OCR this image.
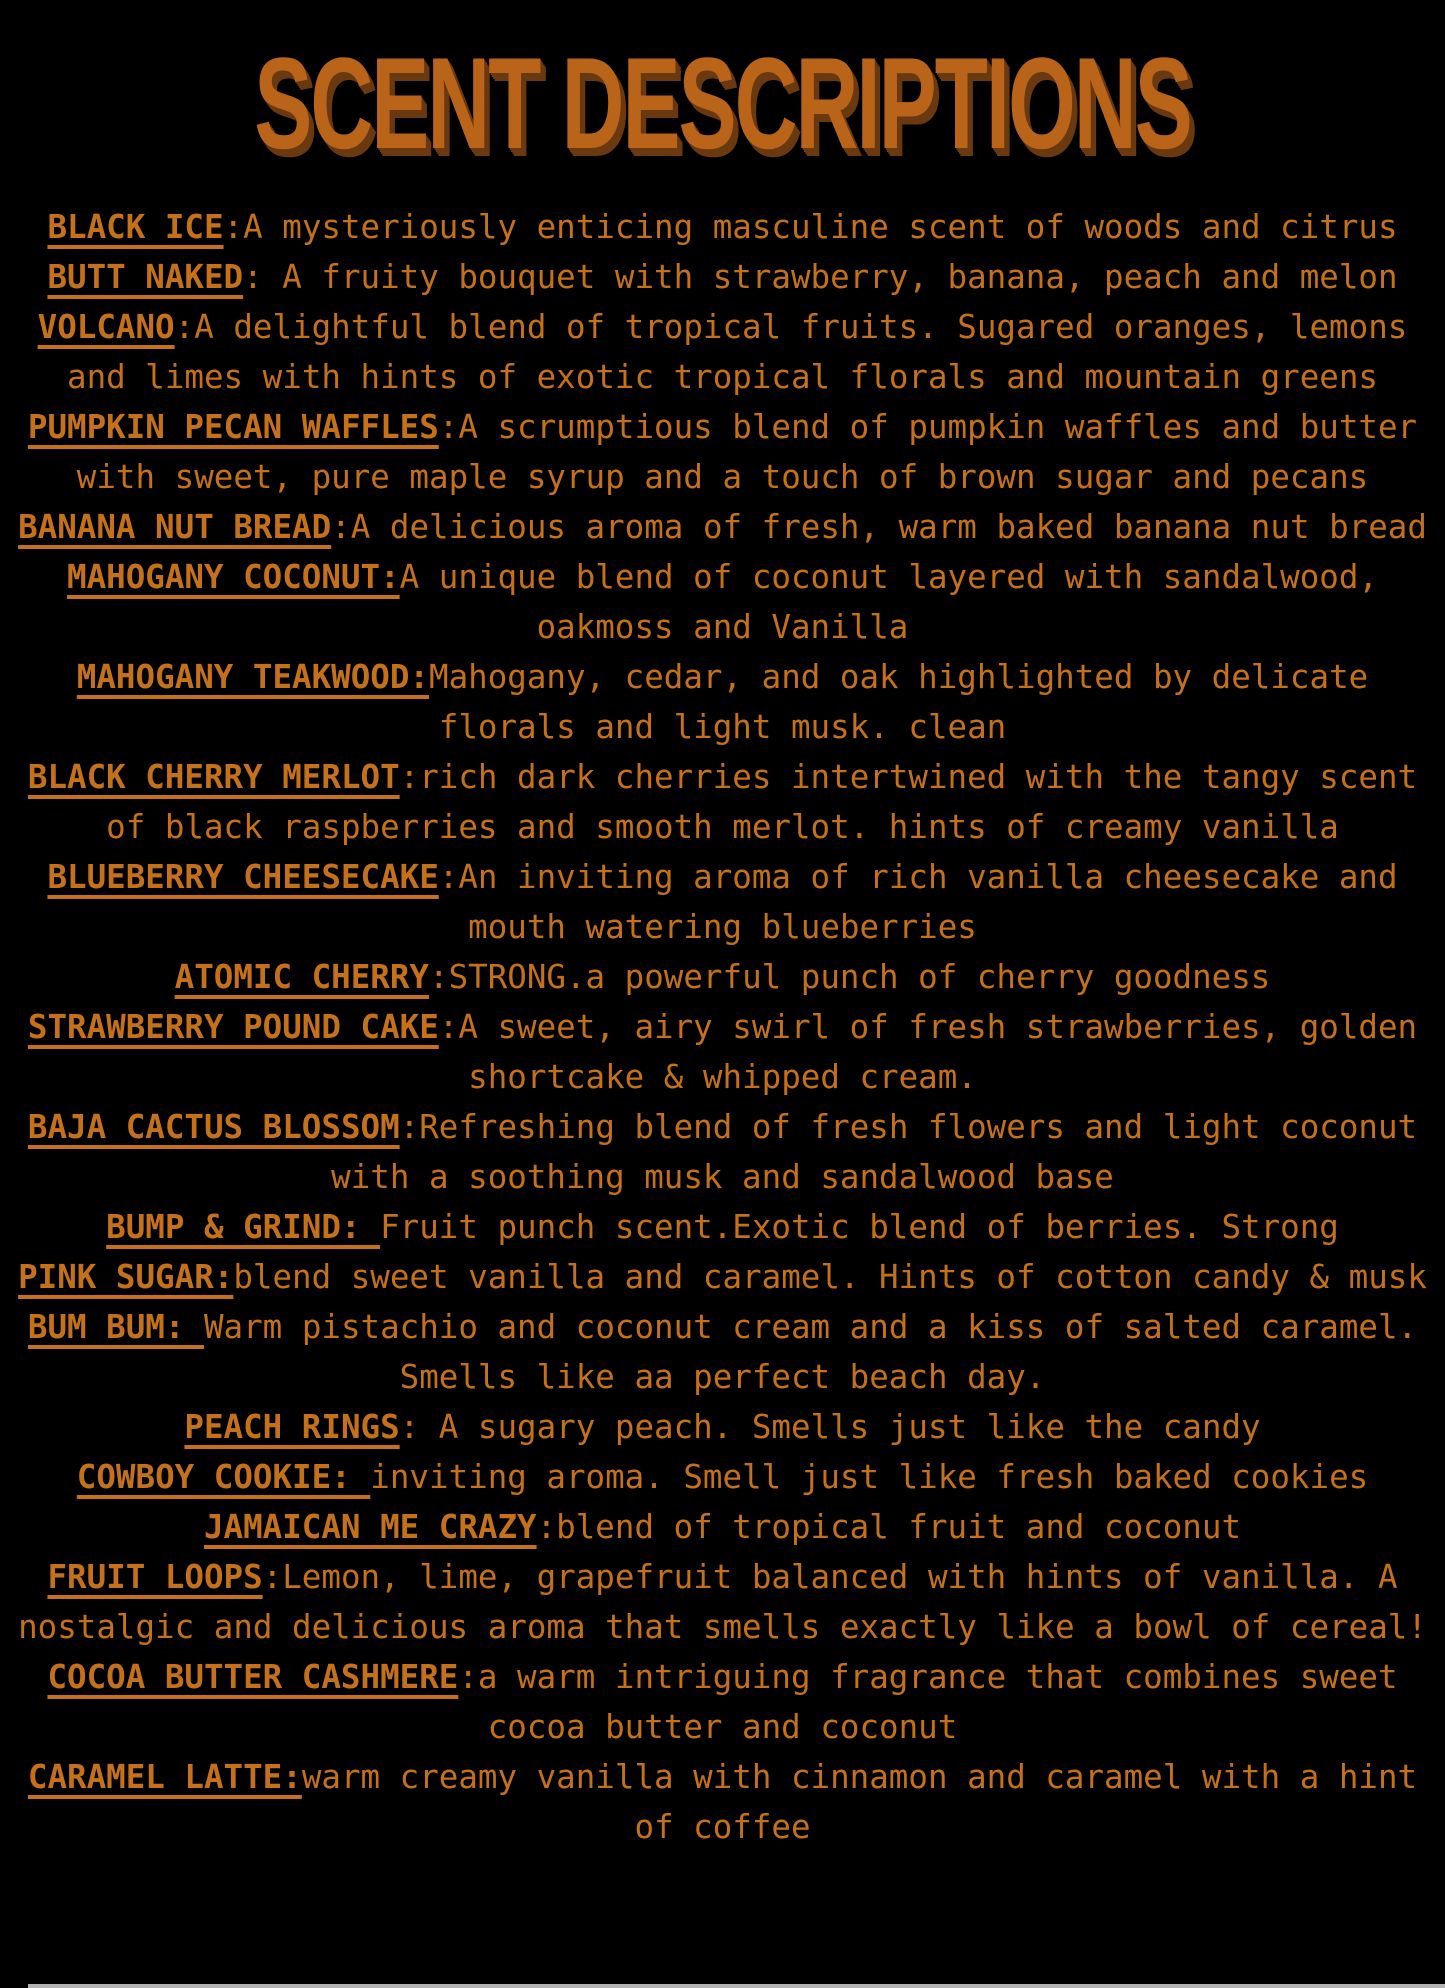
SCENT DESCRIPTIONS

BLACK ICE:A mysteriously enticing masculine scent of woods and citrus

BUTT NAKED: A fruity bouquet with strawberry, banana, peach and melon

VOLCANO:A delightful blend of tropical fruits. Sugared oranges, lemons and limes with hints of exotic tropical florals and mountain greens

PUMPKIN PECAN WAFFLES:A scrumptious blend of pumpkin waffles and butter with sweet, pure maple syrup and a touch of brown sugar and pecans

BANANA NUT BREAD:A delicious aroma of fresh, warm baked banana nut bread

MAHOGANY COCONUT:A unique blend of coconut layered with sandalwood, oakmoss and Vanilla

MAHOGANY TEAKWOOD:Mahogany, cedar, and oak highlighted by delicate florals and light musk. clean

BLACK CHERRY MERLOT:rich dark cherries intertwined with the tangy scent of black raspberries and smooth merlot. hints of creamy vanilla

BLUEBERRY CHEESECAKE:An inviting aroma of rich vanilla cheesecake and mouth watering blueberries

ATOMIC CHERRY:STRONG.a powerful punch of cherry goodness

STRAWBERRY POUND CAKE:A sweet, airy swirl of fresh strawberries, golden shortcake & whipped cream.

BAJA CACTUS BLOSSOM:Refreshing blend of fresh flowers and light coconut with a soothing musk and sandalwood base

BUMP & GRIND: Fruit punch scent.Exotic blend of berries. Strong

PINK SUGAR:blend sweet vanilla and caramel. Hints of cotton candy & musk

BUM BUM: Warm pistachio and coconut cream and a kiss of salted caramel. Smells like aa perfect beach day.

PEACH RINGS: A sugary peach. Smells just like the candy

COWBOY COOKIE: inviting aroma. Smell just like fresh baked cookies

JAMAICAN ME CRAZY:blend of tropical fruit and coconut

FRUIT LOOPS:Lemon, lime, grapefruit balanced with hints of vanilla. A nostalgic and delicious aroma that smells exactly like a bowl of cereal!

COCOA BUTTER CASHMERE:a warm intriguing fragrance that combines sweet cocoa butter and coconut

CARAMEL LATTE:warm creamy vanilla with cinnamon and caramel with a hint of coffee
